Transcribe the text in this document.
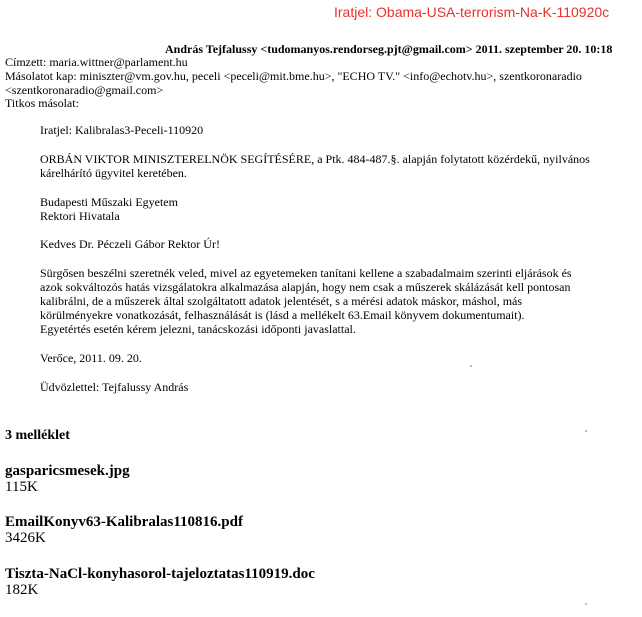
Iratjel: Obama-USA-terrorism-Na-K-110920c
András Tejfalussy <tudomanyos.rendorseg.pjt@gmail.com> 2011. szeptember 20. 10:18
Címzett: maria.wittner@parlament.hu
Másolatot kap: miniszter@vm.gov.hu, peceli <peceli@mit.bme.hu>, "ECHO TV." <info@echotv.hu>, szentkoronaradio
<szentkoronaradio@gmail.com>
Titkos másolat:
Iratjel: Kalibralas3-Peceli-110920
ORBÁN VIKTOR MINISZTERELNÖK SEGÍTÉSÉRE, a Ptk. 484-487.§. alapján folytatott közérdekű, nyilvános
kárelhárító ügyvitel keretében.
Budapesti Műszaki Egyetem
Rektori Hivatala
Kedves Dr. Péczeli Gábor Rektor Úr!
Sürgősen beszélni szeretnék veled, mivel az egyetemeken tanítani kellene a szabadalmaim szerinti eljárások és
azok sokváltozós hatás vizsgálatokra alkalmazása alapján, hogy nem csak a műszerek skálázását kell pontosan
kalibrálni, de a műszerek által szolgáltatott adatok jelentését, s a mérési adatok máskor, máshol, más
körülményekre vonatkozását, felhasználását is (lásd a mellékelt 63.Email könyvem dokumentumait).
Egyetértés esetén kérem jelezni, tanácskozási időponti javaslattal.
Verőce, 2011. 09. 20.
Üdvözlettel: Tejfalussy András
3 melléklet
gasparicsmesek.jpg
115K
EmailKonyv63-Kalibralas110816.pdf
3426K
Tiszta-NaCl-konyhasorol-tajeloztatas110919.doc
182K
